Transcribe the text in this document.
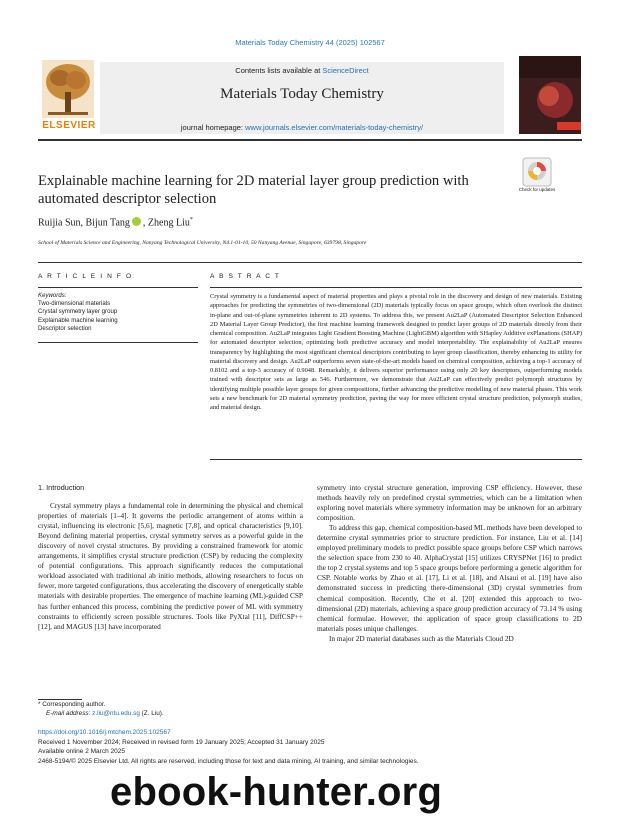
Materials Today Chemistry 44 (2025) 102567
ELSEVIER
Contents lists available at ScienceDirect
Materials Today Chemistry
journal homepage: www.journals.elsevier.com/materials-today-chemistry/
Explainable machine learning for 2D material layer group prediction with automated descriptor selection
Check for updates
Ruijia Sun, Bijun Tang , Zheng Liu*
School of Materials Science and Engineering, Nanyang Technological University, N4.1-01-10, 50 Nanyang Avenue, Singapore, 639798, Singapore
A R T I C L E I N F O	A B S T R A C T
Keywords:
Two-dimensional materials
Crystal symmetry layer group
Explainable machine learning
Descriptor selection
Crystal symmetry is a fundamental aspect of material properties and plays a pivotal role in the discovery and design of new materials. Existing approaches for predicting the symmetries of two-dimensional (2D) materials typically focus on space groups, which often overlook the distinct in-plane and out-of-plane symmetries inherent to 2D systems. To address this, we present Au2LaP (Automated Descriptor Selection Enhanced 2D Material Layer Group Predictor), the first machine learning framework designed to predict layer groups of 2D materials directly from their chemical composition. Au2LaP integrates Light Gradient Boosting Machine (LightGBM) algorithm with SHapley Additive exPlanations (SHAP) for automated descriptor selection, optimizing both predictive accuracy and model interpretability. The explainability of Au2LaP ensures transparency by highlighting the most significant chemical descriptors contributing to layer group classification, thereby enhancing its utility for material discovery and design. Au2LaP outperforms seven state-of-the-art models based on chemical composition, achieving a top-1 accuracy of 0.8102 and a top-3 accuracy of 0.9048. Remarkably, it delivers superior performance using only 20 key descriptors, outperforming models trained with descriptor sets as large as 546. Furthermore, we demonstrate that Au2LaP can effectively predict polymorph structures by identifying multiple possible layer groups for given compositions, further advancing the predictive modelling of new material phases. This work sets a new benchmark for 2D material symmetry prediction, paving the way for more efficient crystal structure prediction, polymorph studies, and material design.

1. Introduction

Crystal symmetry plays a fundamental role in determining the physical and chemical properties of materials [1–4]. It governs the periodic arrangement of atoms within a crystal, influencing its electronic [5,6], magnetic [7,8], and optical characteristics [9,10]. Beyond defining material properties, crystal symmetry serves as a powerful guide in the discovery of novel crystal structures. By providing a constrained framework for atomic arrangements, it simplifies crystal structure prediction (CSP) by reducing the complexity of potential configurations. This approach significantly reduces the computational workload associated with traditional ab initio methods, allowing researchers to focus on fewer, more targeted configurations, thus accelerating the discovery of energetically stable materials with desirable properties. The emergence of machine learning (ML)-guided CSP has further enhanced this process, combining the predictive power of ML with symmetry constraints to efficiently screen possible structures. Tools like PyXtal [11], DiffCSP++ [12], and MAGUS [13] have incorporated

symmetry into crystal structure generation, improving CSP efficiency. However, these methods heavily rely on predefined crystal symmetries, which can be a limitation when exploring novel materials where symmetry information may be unknown for an arbitrary composition.

To address this gap, chemical composition-based ML methods have been developed to determine crystal symmetries prior to structure prediction. For instance, Liu et al. [14] employed preliminary models to predict possible space groups before CSP which narrows the selection space from 230 to 40. AlphaCrystal [15] utilizes CRYSPNet [16] to predict the top 2 crystal systems and top 5 space groups before performing a genetic algorithm for CSP. Notable works by Zhao et al. [17], Li et al. [18], and Alsaui et al. [19] have also demonstrated success in predicting there-dimensional (3D) crystal symmetries from chemical composition. Recently, Che et al. [20] extended this approach to two-dimensional (2D) materials, achieving a space group prediction accuracy of 73.14 % using chemical formulae. However, the application of space group classifications to 2D materials poses unique challenges.

In major 2D material databases such as the Materials Cloud 2D

* Corresponding author.
E-mail address: z.liu@ntu.edu.sg (Z. Liu).
https://doi.org/10.1016/j.mtchem.2025.102567
Received 1 November 2024; Received in revised form 19 January 2025; Accepted 31 January 2025
Available online 2 March 2025
2468-5194/© 2025 Elsevier Ltd. All rights are reserved, including those for text and data mining, AI training, and similar technologies.
ebook-hunter.org
